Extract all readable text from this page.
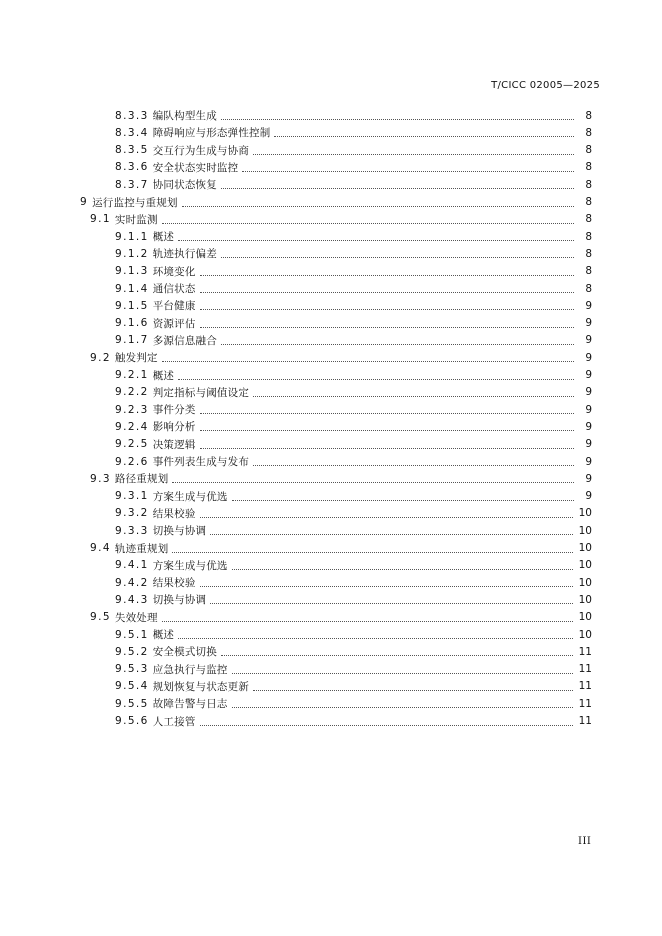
T/CICC 02005—2025
8.3.3 编队构型生成	8
8.3.4 障碍响应与形态弹性控制	8
8.3.5 交互行为生成与协商	8
8.3.6 安全状态实时监控	8
8.3.7 协同状态恢复	8
9 运行监控与重规划	8
9.1 实时监测	8
9.1.1 概述	8
9.1.2 轨迹执行偏差	8
9.1.3 环境变化	8
9.1.4 通信状态	8
9.1.5 平台健康	9
9.1.6 资源评估	9
9.1.7 多源信息融合	9
9.2 触发判定	9
9.2.1 概述	9
9.2.2 判定指标与阈值设定	9
9.2.3 事件分类	9
9.2.4 影响分析	9
9.2.5 决策逻辑	9
9.2.6 事件列表生成与发布	9
9.3 路径重规划	9
9.3.1 方案生成与优选	9
9.3.2 结果校验	10
9.3.3 切换与协调	10
9.4 轨迹重规划	10
9.4.1 方案生成与优选	10
9.4.2 结果校验	10
9.4.3 切换与协调	10
9.5 失效处理	10
9.5.1 概述	10
9.5.2 安全模式切换	11
9.5.3 应急执行与监控	11
9.5.4 规划恢复与状态更新	11
9.5.5 故障告警与日志	11
9.5.6 人工接管	11
III
